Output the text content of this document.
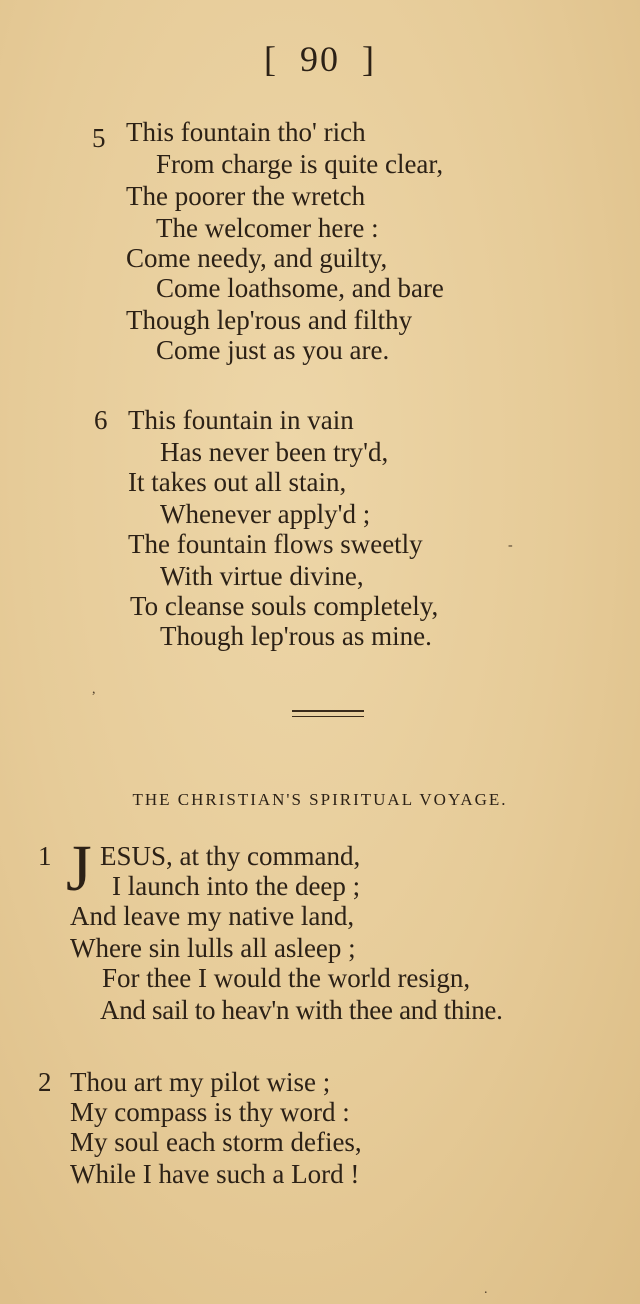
[  90  ]
5 This fountain tho' rich
From charge is quite clear,
The poorer the wretch
The welcomer here :
Come needy, and guilty,
Come loathsome, and bare
Though lep'rous and filthy
Come just as you are.
6 This fountain in vain
Has never been try'd,
It takes out all stain,
Whenever apply'd ;
The fountain flows sweetly
With virtue divine,
To cleanse souls completely,
Though lep'rous as mine.
-
,
THE CHRISTIAN'S SPIRITUAL VOYAGE.
1 J ESUS, at thy command,
I launch into the deep ;
And leave my native land,
Where sin lulls all asleep ;
For thee I would the world resign,
And sail to heav'n with thee and thine.
2 Thou art my pilot wise ;
My compass is thy word :
My soul each storm defies,
While I have such a Lord !
.
